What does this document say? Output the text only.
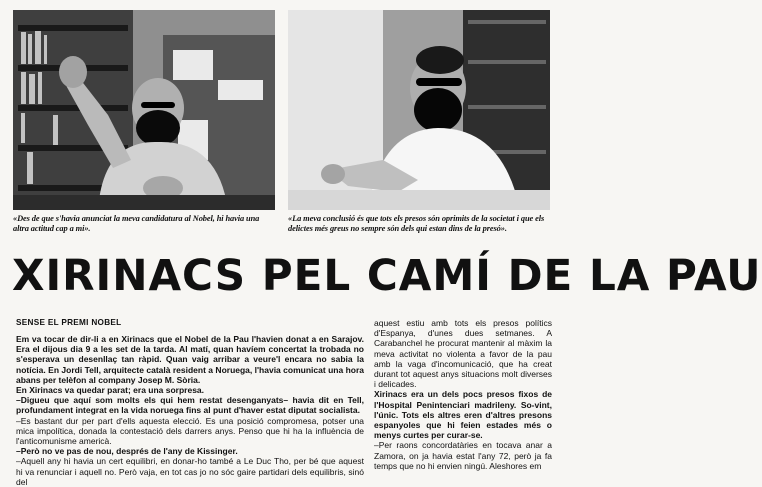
«Des de que s'havia anunciat la meva candidatura al Nobel, hi havia una altra actitud cap a mi».
«La meva conclusió és que tots els presos són oprimits de la societat i que els delictes més greus no sempre són dels qui estan dins de la presó».
XIRINACS PEL CAMÍ DE LA PAU
SENSE EL PREMI NOBEL

Em va tocar de dir-li a en Xirinacs que el Nobel de la Pau l'havien donat a en Sarajov. Era el dijous dia 9 a les set de la tarda. Al matí, quan havíem concertat la trobada no s'esperava un desenllaç tan ràpid. Quan vaig arribar a veure'l encara no sabia la notícia. En Jordi Tell, arquitecte català resident a Noruega, l'havia comunicat una hora abans per telèfon al company Josep M. Sòria.

En Xirinacs va quedar parat; era una sorpresa.

–Digueu que aquí som molts els qui hem restat desenganyats– havia dit en Tell, profundament integrat en la vida noruega fins al punt d'haver estat diputat socialista.

–Es bastant dur per part d'ells aquesta elecció. Es una posició compromesa, potser una mica impolítica, donada la contestació dels darrers anys. Penso que hi ha la influència de l'anticomunisme americà.

–Però no ve pas de nou, després de l'any de Kissinger.

–Aquell any hi havia un cert equilibri, en donar-ho també a Le Duc Tho, per bé que aquest hi va renunciar i aquell no. Però vaja, en tot cas jo no sóc gaire partidari dels equilibris, sinó del

aquest estiu amb tots els presos polítics d'Espanya, d'unes dues setmanes. A Carabanchel he procurat mantenir al màxim la meva activitat no violenta a favor de la pau amb la vaga d'incomunicació, que ha creat durant tot aquest anys situacions molt diverses i delicades.

Xirinacs era un dels pocs presos fixos de l'Hospital Penintenciari madrileny. So-vint, l'únic. Tots els altres eren d'altres presons espanyoles que hi feien estades més o menys curtes per curar-se.

–Per raons concordatàries en tocava anar a Zamora, on ja havia estat l'any 72, però ja fa temps que no hi envien ningú. Aleshores em
